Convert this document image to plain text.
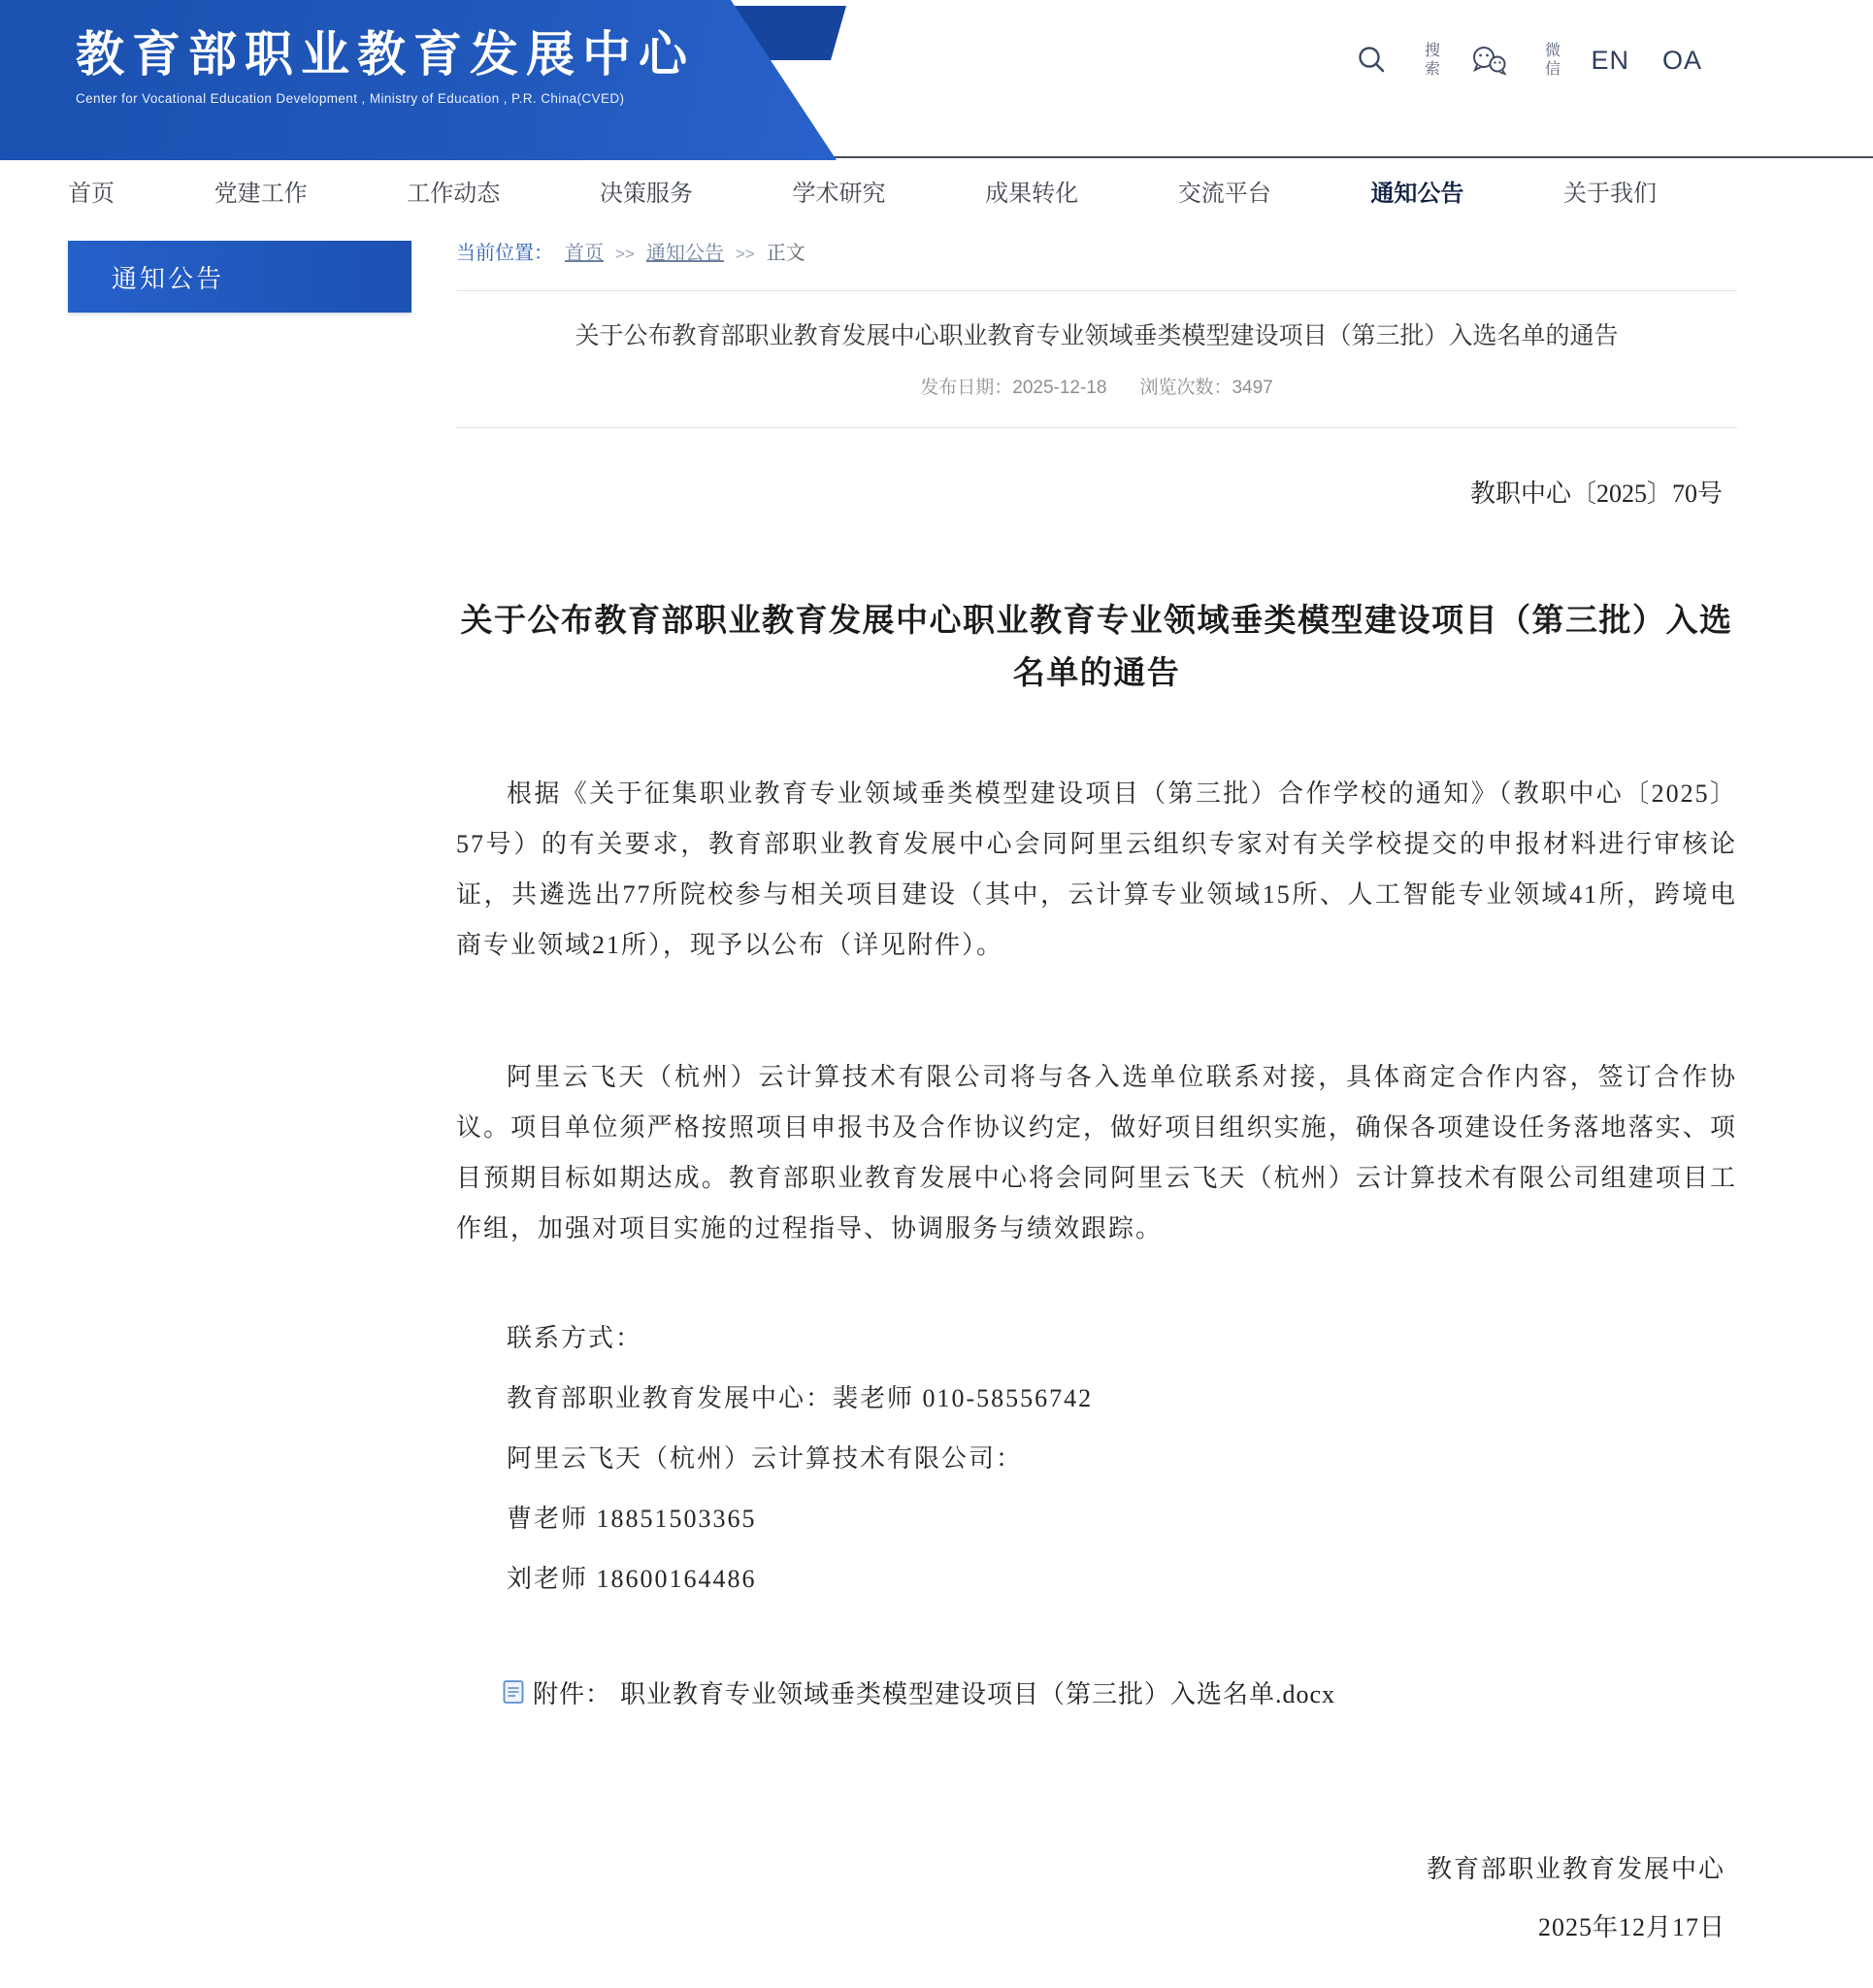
教育部职业教育发展中心
Center for Vocational Education Development , Ministry of Education , P.R. China(CVED)
搜索	微信 EN OA
首页	党建工作	工作动态	决策服务	学术研究	成果转化	交流平台	通知公告	关于我们
通知公告
当前位置： 首页 >> 通知公告 >> 正文
关于公布教育部职业教育发展中心职业教育专业领域垂类模型建设项目（第三批）入选名单的通告
发布日期：2025-12-18 浏览次数：3497
教职中心〔2025〕70号
关于公布教育部职业教育发展中心职业教育专业领域垂类模型建设项目（第三批）入选名单的通告

根据《关于征集职业教育专业领域垂类模型建设项目（第三批）合作学校的通知》（教职中心〔2025〕57号）的有关要求，教育部职业教育发展中心会同阿里云组织专家对有关学校提交的申报材料进行审核论证，共遴选出77所院校参与相关项目建设（其中，云计算专业领域15所、人工智能专业领域41所，跨境电商专业领域21所），现予以公布（详见附件）。

阿里云飞天（杭州）云计算技术有限公司将与各入选单位联系对接，具体商定合作内容，签订合作协议。项目单位须严格按照项目申报书及合作协议约定，做好项目组织实施，确保各项建设任务落地落实、项目预期目标如期达成。教育部职业教育发展中心将会同阿里云飞天（杭州）云计算技术有限公司组建项目工作组，加强对项目实施的过程指导、协调服务与绩效跟踪。

联系方式：
教育部职业教育发展中心：裴老师 010-58556742
阿里云飞天（杭州）云计算技术有限公司：
曹老师 18851503365
刘老师 18600164486
附件： 职业教育专业领域垂类模型建设项目（第三批）入选名单.docx
教育部职业教育发展中心
2025年12月17日
